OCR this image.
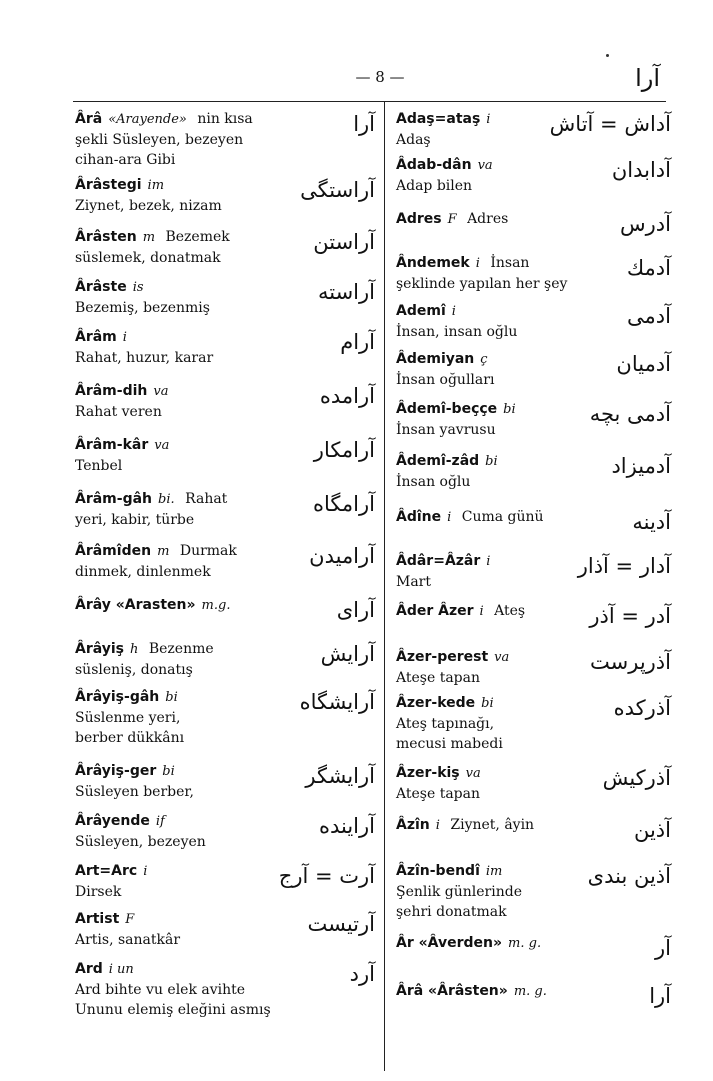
— 8 —	آرا
Ârâ «Arayende» nin kısa
şekli Süsleyen, bezeyen
cihan-ara Gibi
آرا
Ârâstegi im
Ziynet, bezek, nizam
آراستگی
Ârâsten m Bezemek
süslemek, donatmak
آراستن
Ârâste is
Bezemiş, bezenmiş
آراسته
Ârâm i
Rahat, huzur, karar
آرام
Ârâm-dih va
Rahat veren
آرامده
Ârâm-kâr va
Tenbel
آرامکار
Ârâm-gâh bi. Rahat
yeri, kabir, türbe
آرامگاه
Ârâmîden m Durmak
dinmek, dinlenmek
آرامیدن
Ârây «Arasten» m.g.	آرای
Ârâyiş h Bezenme
süsleniş, donatış
آرایش
Ârâyiş-gâh bi
Süslenme yeri,
berber dükkânı
آرایشگاه
Ârâyiş-ger bi
Süsleyen berber,
آرایشگر
Ârâyende if
Süsleyen, bezeyen
آراینده
Art=Arc i
Dirsek
آرت = آرج
Artist F
Artis, sanatkâr
آرتیست
Ard i un
Ard bihte vu elek avihte
Ununu elemiş eleğini asmış
آرد
Adaş=ataş i
Adaş
آداش = آتاش
Âdab-dân va
Adap bilen
آدابدان
Adres F Adres	آدرس
Ândemek i İnsan
şeklinde yapılan her şey
آدمك
Ademî i
İnsan, insan oğlu
آدمی
Âdemiyan ç
İnsan oğulları
آدمیان
Âdemî-beççe bi
İnsan yavrusu
آدمی بچه
Âdemî-zâd bi
İnsan oğlu
آدمیزاد
Âdîne i Cuma günü	آدینه
Âdâr=Âzâr i
Mart
آدار = آذار
Âder Âzer i Ateş	آدر = آذر
Âzer-perest va
Ateşe tapan
آذرپرست
Âzer-kede bi
Ateş tapınağı,
mecusi mabedi
آذرکده
Âzer-kiş va
Ateşe tapan
آذرکیش
Âzîn i Ziynet, âyin	آذین
Âzîn-bendî im
Şenlik günlerinde
şehri donatmak
آذین بندی
Âr «Âverden» m. g.	آر
Ârâ «Ârâsten» m. g.	آرا
